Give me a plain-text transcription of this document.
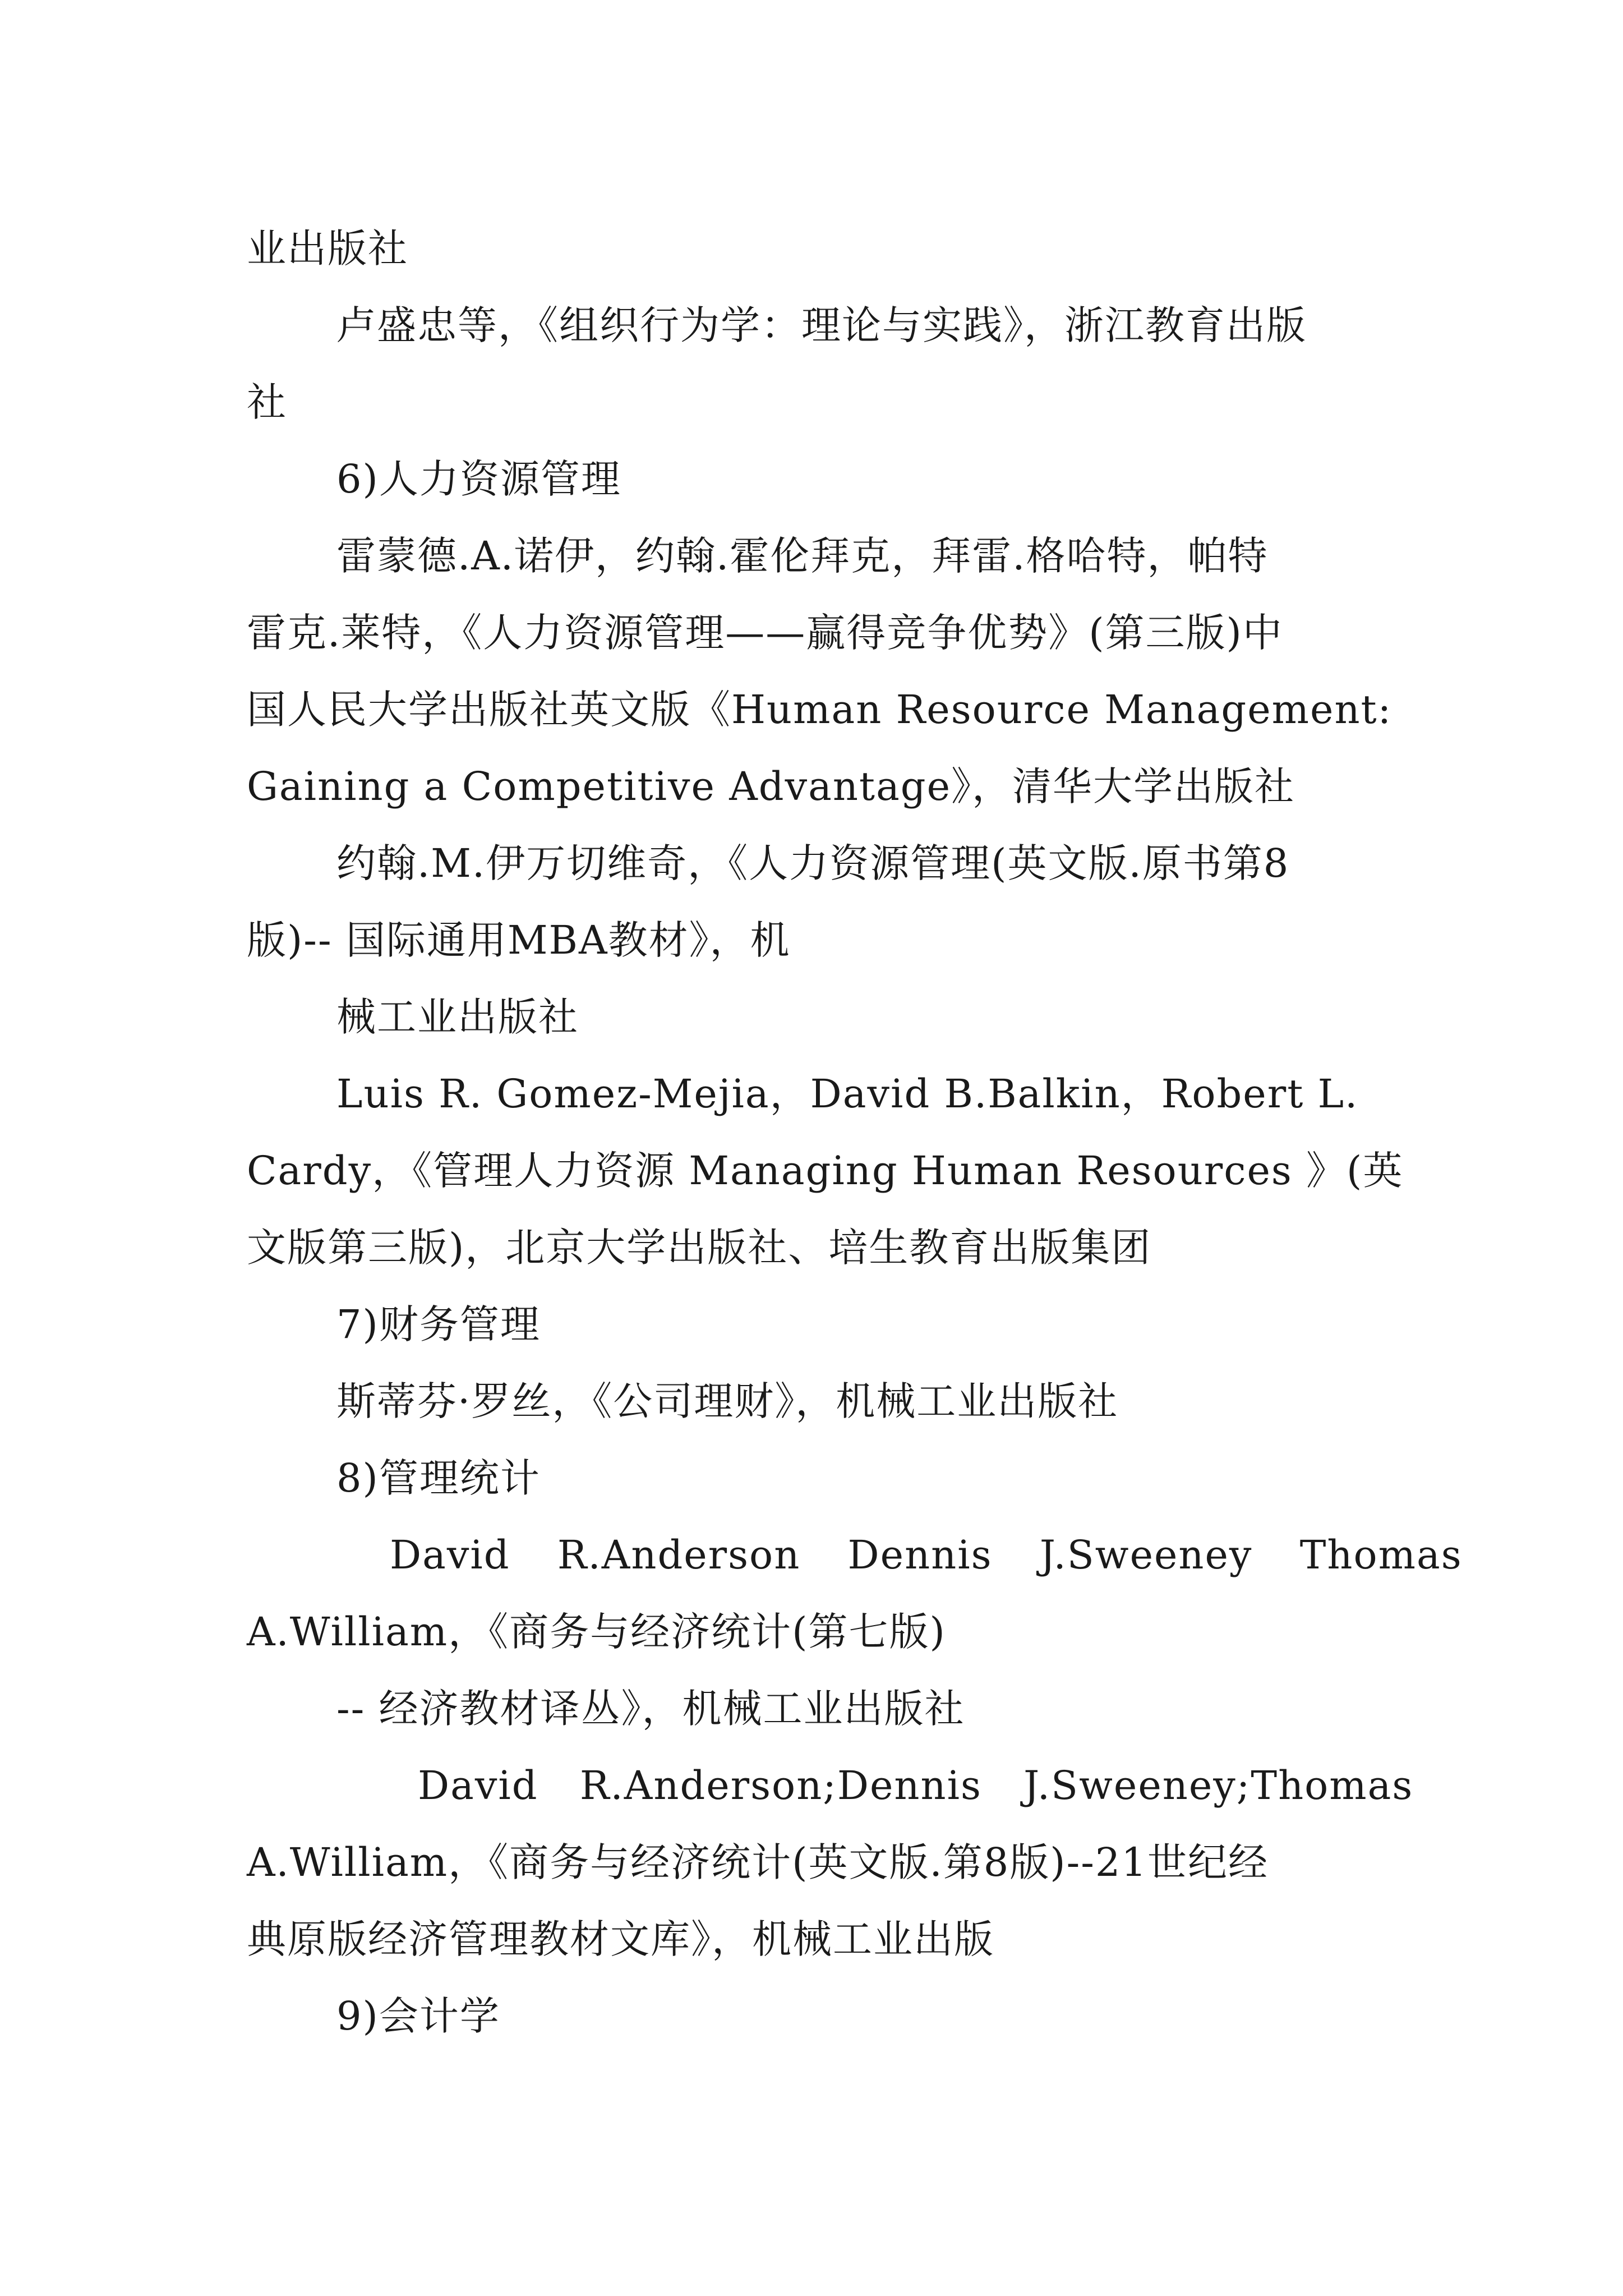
业出版社
卢盛忠等，《组织行为学：理论与实践》，浙江教育出版
社
6)人力资源管理
雷蒙德.A.诺伊，约翰.霍伦拜克，拜雷.格哈特，帕特
雷克.莱特，《人力资源管理——赢得竞争优势》(第三版)中
国人民大学出版社英文版《Human Resource Management:
Gaining a Competitive Advantage》，清华大学出版社
约翰.M.伊万切维奇，《人力资源管理(英文版.原书第8
版)-- 国际通用MBA教材》，机
械工业出版社
Luis R. Gomez-Mejia，David B.Balkin，Robert L.
Cardy，《管理人力资源 Managing Human Resources 》(英
文版第三版)，北京大学出版社、培生教育出版集团
7)财务管理
斯蒂芬·罗丝，《公司理财》，机械工业出版社
8)管理统计
David R.Anderson Dennis J.Sweeney Thomas
A.William，《商务与经济统计(第七版)
-- 经济教材译丛》，机械工业出版社
David R.Anderson;Dennis J.Sweeney;Thomas
A.William，《商务与经济统计(英文版.第8版)--21世纪经
典原版经济管理教材文库》，机械工业出版
9)会计学
